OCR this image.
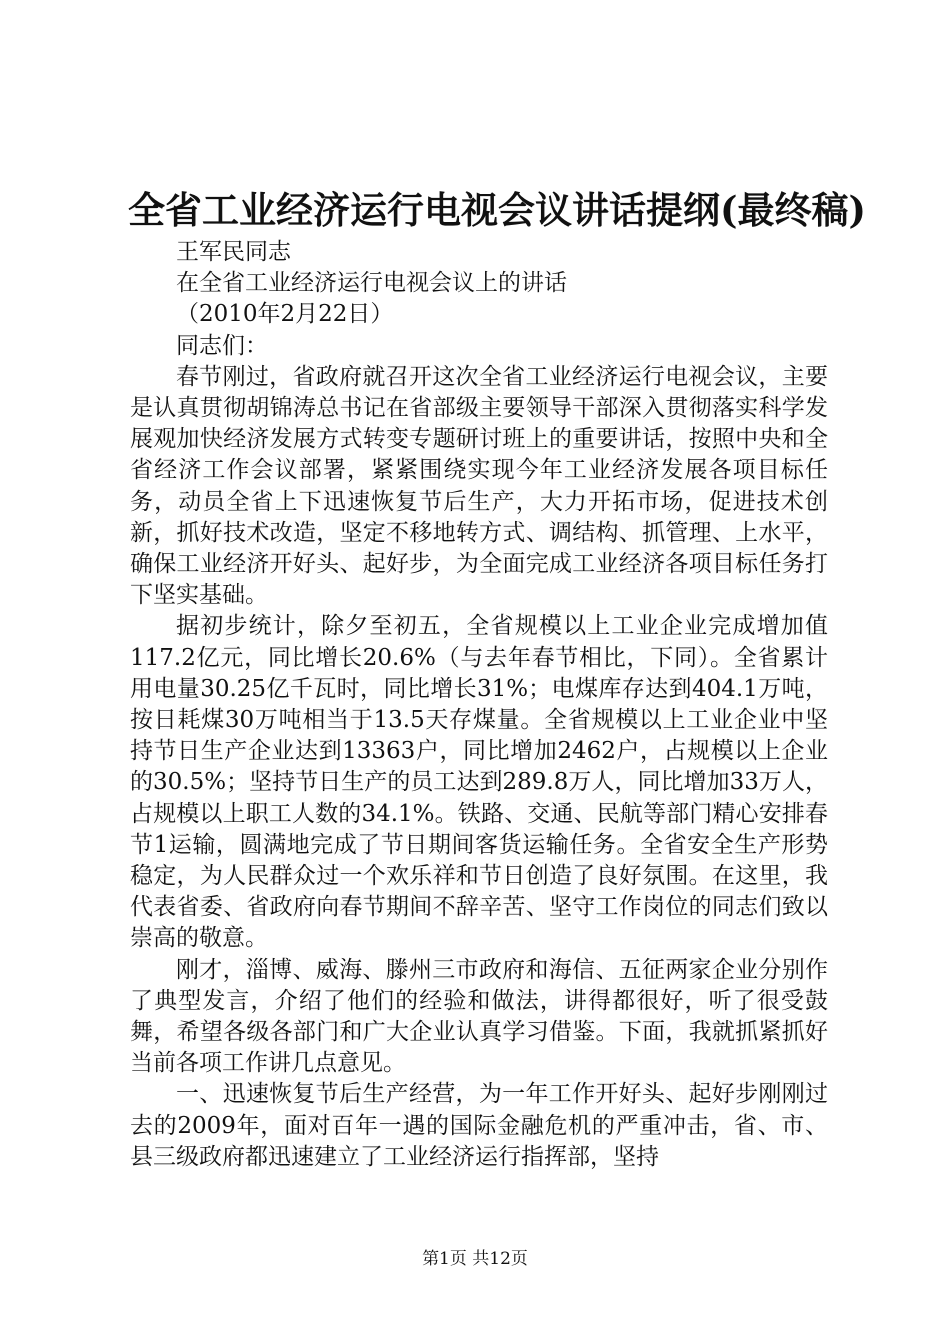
全省工业经济运行电视会议讲话提纲(最终稿)

王军民同志

在全省工业经济运行电视会议上的讲话

（2010年2月22日）

同志们：

春节刚过，省政府就召开这次全省工业经济运行电视会议，主要是认真贯彻胡锦涛总书记在省部级主要领导干部深入贯彻落实科学发展观加快经济发展方式转变专题研讨班上的重要讲话，按照中央和全省经济工作会议部署，紧紧围绕实现今年工业经济发展各项目标任务，动员全省上下迅速恢复节后生产，大力开拓市场，促进技术创新，抓好技术改造，坚定不移地转方式、调结构、抓管理、上水平，确保工业经济开好头、起好步，为全面完成工业经济各项目标任务打下坚实基础。

据初步统计，除夕至初五，全省规模以上工业企业完成增加值117.2亿元，同比增长20.6%（与去年春节相比，下同）。全省累计用电量30.25亿千瓦时，同比增长31%；电煤库存达到404.1万吨，按日耗煤30万吨相当于13.5天存煤量。全省规模以上工业企业中坚持节日生产企业达到13363户，同比增加2462户，占规模以上企业的30.5%；坚持节日生产的员工达到289.8万人，同比增加33万人，占规模以上职工人数的34.1%。铁路、交通、民航等部门精心安排春节1运输，圆满地完成了节日期间客货运输任务。全省安全生产形势稳定，为人民群众过一个欢乐祥和节日创造了良好氛围。在这里，我代表省委、省政府向春节期间不辞辛苦、坚守工作岗位的同志们致以崇高的敬意。

刚才，淄博、威海、滕州三市政府和海信、五征两家企业分别作了典型发言，介绍了他们的经验和做法，讲得都很好，听了很受鼓舞，希望各级各部门和广大企业认真学习借鉴。下面，我就抓紧抓好当前各项工作讲几点意见。

一、迅速恢复节后生产经营，为一年工作开好头、起好步刚刚过去的2009年，面对百年一遇的国际金融危机的严重冲击，省、市、县三级政府都迅速建立了工业经济运行指挥部，坚持

第1页 共12页
